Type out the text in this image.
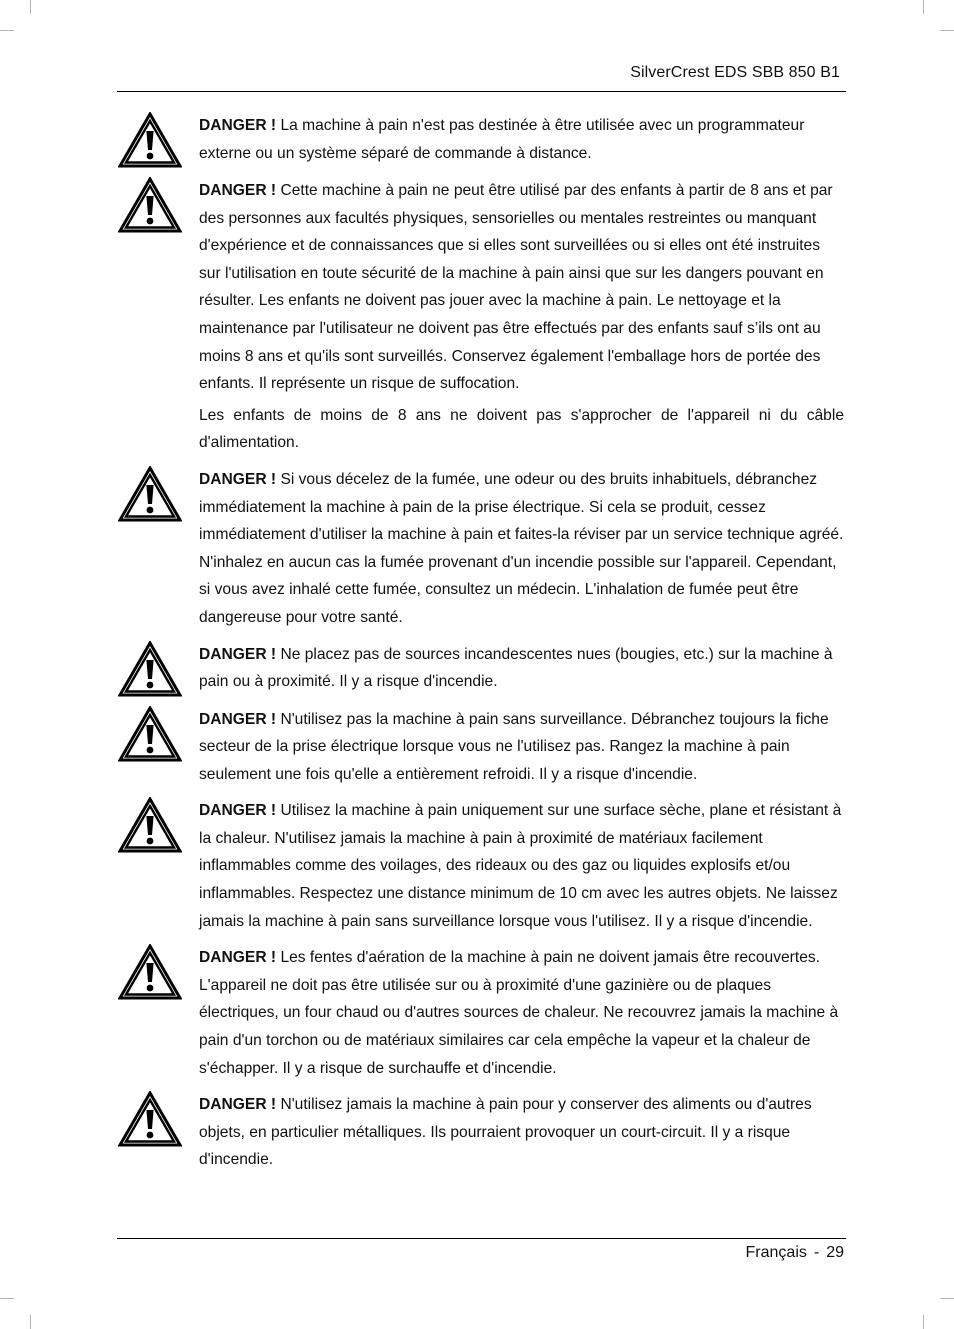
SilverCrest EDS SBB 850 B1

DANGER ! La machine à pain n'est pas destinée à être utilisée avec un programmateur externe ou un système séparé de commande à distance.

DANGER ! Cette machine à pain ne peut être utilisé par des enfants à partir de 8 ans et par des personnes aux facultés physiques, sensorielles ou mentales restreintes ou manquant d'expérience et de connaissances que si elles sont surveillées ou si elles ont été instruites sur l'utilisation en toute sécurité de la machine à pain ainsi que sur les dangers pouvant en résulter. Les enfants ne doivent pas jouer avec la machine à pain. Le nettoyage et la maintenance par l'utilisateur ne doivent pas être effectués par des enfants sauf s’ils ont au moins 8 ans et qu'ils sont surveillés. Conservez également l'emballage hors de portée des enfants. Il représente un risque de suffocation.

Les enfants de moins de 8 ans ne doivent pas s'approcher de l'appareil ni du câble d'alimentation.

DANGER ! Si vous décelez de la fumée, une odeur ou des bruits inhabituels, débranchez immédiatement la machine à pain de la prise électrique. Si cela se produit, cessez immédiatement d'utiliser la machine à pain et faites-la réviser par un service technique agréé. N'inhalez en aucun cas la fumée provenant d'un incendie possible sur l'appareil. Cependant, si vous avez inhalé cette fumée, consultez un médecin. L'inhalation de fumée peut être dangereuse pour votre santé.

DANGER ! Ne placez pas de sources incandescentes nues (bougies, etc.) sur la machine à pain ou à proximité. Il y a risque d'incendie.

DANGER ! N'utilisez pas la machine à pain sans surveillance. Débranchez toujours la fiche secteur de la prise électrique lorsque vous ne l'utilisez pas. Rangez la machine à pain seulement une fois qu'elle a entièrement refroidi. Il y a risque d'incendie.

DANGER ! Utilisez la machine à pain uniquement sur une surface sèche, plane et résistant à la chaleur. N'utilisez jamais la machine à pain à proximité de matériaux facilement inflammables comme des voilages, des rideaux ou des gaz ou liquides explosifs et/ou inflammables. Respectez une distance minimum de 10 cm avec les autres objets. Ne laissez jamais la machine à pain sans surveillance lorsque vous l'utilisez. Il y a risque d'incendie.

DANGER ! Les fentes d'aération de la machine à pain ne doivent jamais être recouvertes. L'appareil ne doit pas être utilisée sur ou à proximité d'une gazinière ou de plaques électriques, un four chaud ou d'autres sources de chaleur. Ne recouvrez jamais la machine à pain d'un torchon ou de matériaux similaires car cela empêche la vapeur et la chaleur de s'échapper. Il y a risque de surchauffe et d'incendie.

DANGER ! N'utilisez jamais la machine à pain pour y conserver des aliments ou d'autres objets, en particulier métalliques. Ils pourraient provoquer un court-circuit. Il y a risque d'incendie.

Français - 29
